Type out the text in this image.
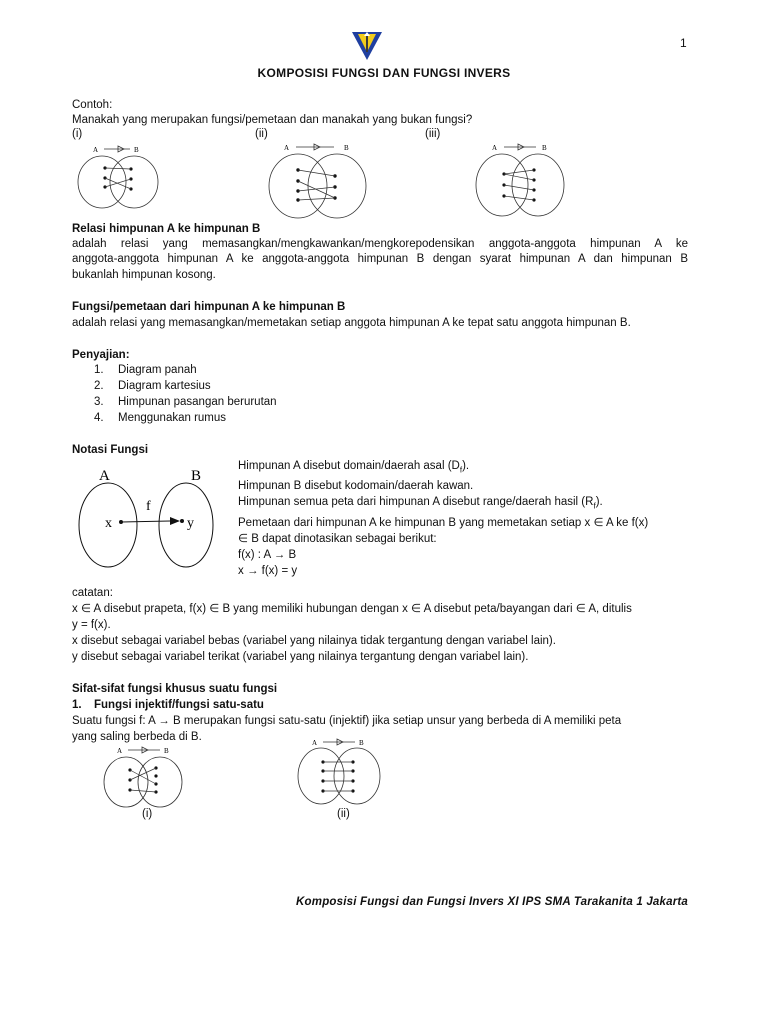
1
KOMPOSISI FUNGSI DAN FUNGSI INVERS
Contoh:
Manakah yang merupakan fungsi/pemetaan dan manakah yang bukan fungsi?
(i)	(ii)	(iii)
A	B	A	B	A	B
Relasi himpunan A ke himpunan B
adalah relasi yang memasangkan/mengkawankan/mengkorepodensikan anggota-anggota himpunan A ke
anggota-anggota himpunan A ke anggota-anggota himpunan B dengan syarat himpunan A dan himpunan B
bukanlah himpunan kosong.
Fungsi/pemetaan dari himpunan A ke himpunan B
adalah relasi yang memasangkan/memetakan setiap anggota himpunan A ke tepat satu anggota himpunan B.
Penyajian:
1. Diagram panah
2. Diagram kartesius
3. Himpunan pasangan berurutan
4. Menggunakan rumus
Notasi Fungsi
A	B
f
x	y
Himpunan A disebut domain/daerah asal $(D_f)$.
Himpunan B disebut kodomain/daerah kawan.
Himpunan semua peta dari himpunan A disebut range/daerah hasil $(R_f)$.
Pemetaan dari himpunan A ke himpunan B yang memetakan setiap x ∈ A ke f(x)
∈ B dapat dinotasikan sebagai berikut:
f(x) : A → B
x → f(x) = y
catatan:
x ∈ A disebut prapeta, f(x) ∈ B yang memiliki hubungan dengan x ∈ A disebut peta/bayangan dari ∈ A, ditulis
y = f(x).
x disebut sebagai variabel bebas (variabel yang nilainya tidak tergantung dengan variabel lain).
y disebut sebagai variabel terikat (variabel yang nilainya tergantung dengan variabel lain).
Sifat-sifat fungsi khusus suatu fungsi
1. Fungsi injektif/fungsi satu-satu
Suatu fungsi f: A → B merupakan fungsi satu-satu (injektif) jika setiap unsur yang berbeda di A memiliki peta
yang saling berbeda di B.
A	B
A	B
(i)	(ii)
Komposisi Fungsi dan Fungsi Invers XI IPS SMA Tarakanita 1 Jakarta
